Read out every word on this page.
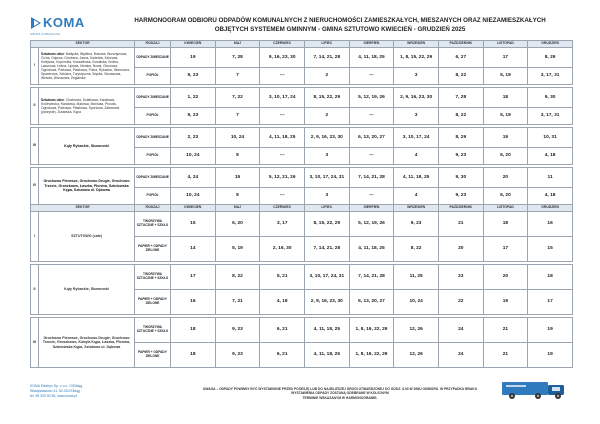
KOMA
GRUPA KOMUNALNA
HARMONOGRAM ODBIORU ODPADÓW KOMUNALNYCH Z NIERUCHOMOŚCI ZAMIESZKAŁYCH, MIESZANYCH ORAZ NIEZAMIESZKAŁYCH
OBJĘTYCH SYSTEMEM GMINNYM - GMINA SZTUTOWO KWIECIEŃ - GRUDZIEŃ 2025
SEKTOR		RODZAJ	KWIECIEŃ	MAJ	CZERWIEC	LIPIEC	SIERPIEŃ	WRZESIEŃ	PAŹDZIERNIK	LISTOPAD	GRUDZIEŃ
I	Sztutowo ulice: Bałtycka, Błękitna, Bukowa, Bursztynowa, Cicha, Gajowa, Grodowa, Jasna, Kadetów, Klonowa, Kolejowa, Kopernika, Koszalińska, Kowalska, Krótka, Lazurowa, Leśna, Lipowa, Morska, Nowa, Obozowa, Ogrodowa, Parkowa, Piaskowa, Polna, Rybacka, Słoneczna, Spacerowa, Szkolna, Turystyczna, Wąska, Wczasowa, Wesoła, Wrzosowa, Żeglarska	ODPADY ZMIESZANE	19	7, 28	9, 16, 23, 30	7, 14, 21, 28	4, 11, 18, 25	1, 8, 15, 22, 29	6, 27	17	8, 29
		POPIÓŁ	9, 23	7	---	2	---	3	8, 22	5, 19	3, 17, 31

II	Sztutowo ulice: Chabrowa, Działkowa, Kanałowa, Królewiecka, Kwiatowa, Makowa, Morwiaa, Prusów, Ogrodowa, Parkowa, Piaskowa, Sportowa, Zalewowa (parzyste), Żuławska, Kępa	ODPADY ZMIESZANE	1, 22	7, 22	3, 10, 17, 24	8, 15, 22, 29	5, 12, 19, 26	2, 9, 16, 23, 30	7, 28	18	9, 30
		POPIÓŁ	9, 23	7	---	2	---	3	8, 22	5, 19	3, 17, 31

III	Kąty Rybackie, Skowronki	ODPADY ZMIESZANE	2, 23	10, 24	4, 11, 18, 25	2, 9, 16, 23, 30	6, 13, 20, 27	3, 10, 17, 24	8, 29	19	10, 31
		POPIÓŁ	10, 24	8	---	3	---	4	9, 23	6, 20	4, 18

IV	Grochowo Pierwsze, Grochowo Drugie, Grochowo Trzecie, Groszkowo, Łaszka, Płonina, Sztutowska Kępa, Sztutowo ul. Dębowa	ODPADY ZMIESZANE	4, 24	15	5, 12, 21, 26	3, 10, 17, 24, 31	7, 14, 21, 28	4, 11, 18, 25	9, 30	20	11
		POPIÓŁ	10, 24	8	---	3	---	4	9, 23	6, 20	4, 18
SEKTOR		RODZAJ	KWIECIEŃ	MAJ	CZERWIEC	LIPIEC	SIERPIEŃ	WRZESIEŃ	PAŹDZIERNIK	LISTOPAD	GRUDZIEŃ
I	SZTUTOWO (całe)	TWORZYWA SZTUCZNE + SZKŁO	15	6, 20	3, 17	8, 15, 22, 29	5, 12, 19, 26	9, 23	21	18	16
		PAPIER + ODPADY ZIELONE	14	5, 19	2, 16, 30	7, 14, 21, 28	4, 11, 18, 25	8, 22	20	17	15

II	Kąty Rybackie, Skowronki	TWORZYWA SZTUCZNE + SZKŁO	17	8, 22	5, 21	3, 10, 17, 24, 31	7, 14, 21, 28	11, 25	23	20	18
		PAPIER + ODPADY ZIELONE	16	7, 21	4, 18	2, 9, 16, 23, 30	6, 13, 20, 27	10, 24	22	19	17

III	Grochowo Pierwsze, Grochowo Drugie, Grochowo Trzecie, Groszkowo, Kobyla Kępa, Łaszka, Płonina, Sztutowska Kępa, Sztutowo ul. Dębowa	TWORZYWA SZTUCZNE + SZKŁO	18	9, 23	6, 21	4, 11, 18, 25	1, 8, 16, 22, 29	12, 26	24	21	19
		PAPIER + ODPADY ZIELONE	18	9, 23	6, 21	4, 11, 18, 25	1, 8, 16, 22, 29	12, 26	24	21	19
KOMA Elektryn Sp. z o.o. O/Elbląg
Władysławowo 41, 82-300 Elbląg
tel. 55 309 90 55, www.koma.pl
UWAGA – ODPADY POWINNY BYĆ WYSTAWIONE PRZED POSESJĘ LUB DO NAJBLIŻSZEJ DROGI UTWARDZONEJ DO GODZ. 6.00 W DNIU ODBIORU. W PRZYPADKU BRAKU WYSTAWIENIA ODPADY ZOSTANĄ ODEBRANE W KOLEJNYM
TERMINIE WSKAZANYM W HARMONOGRAMIE.
